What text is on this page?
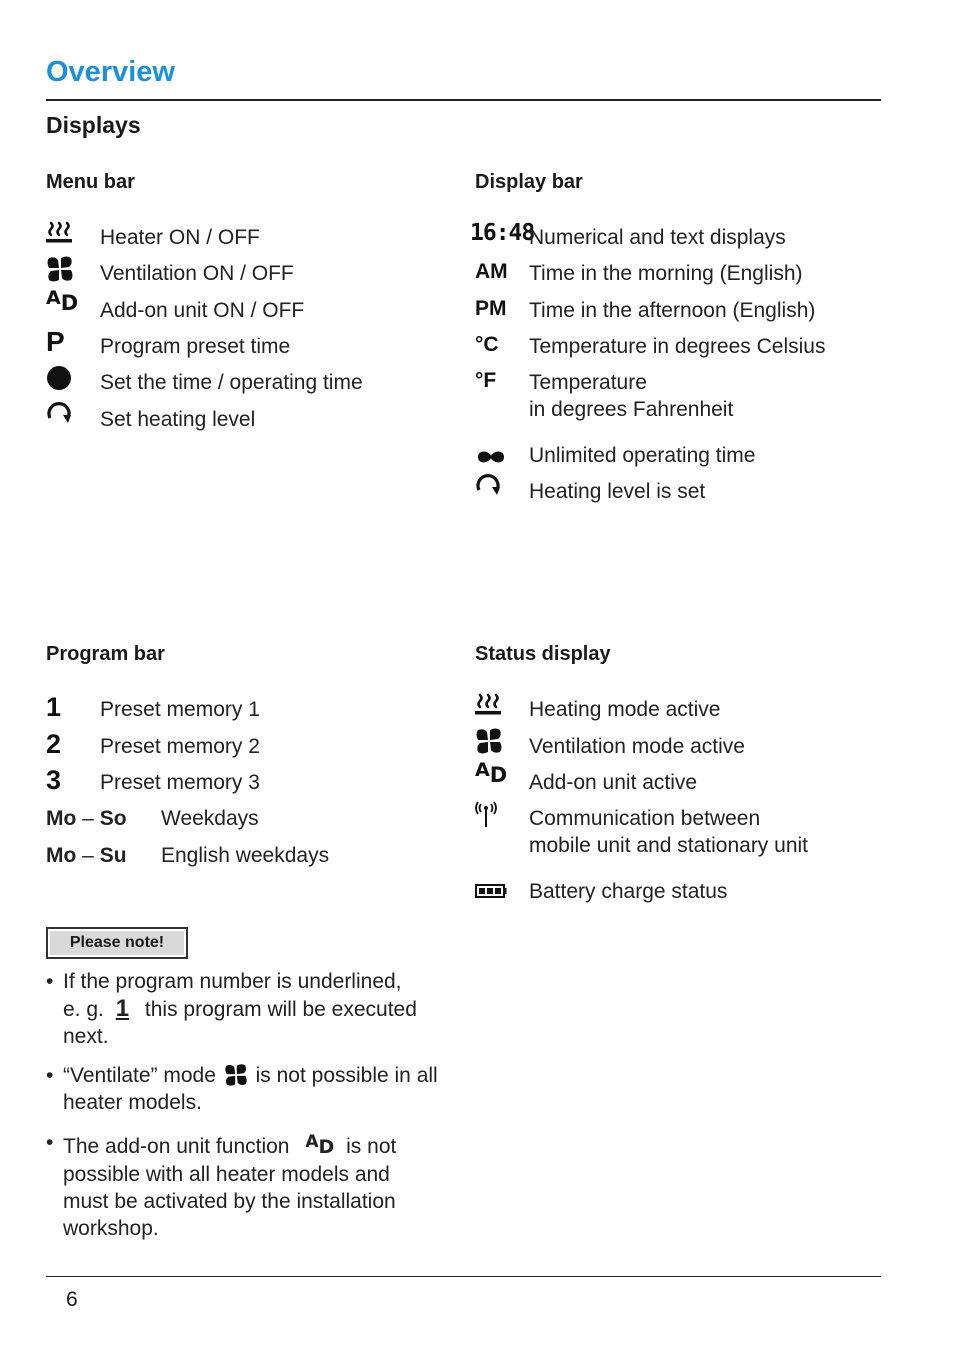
Overview
Displays
Menu bar
Heater ON / OFF
Ventilation ON / OFF
AD Add-on unit ON / OFF
P Program preset time
Set the time / operating time
Set heating level
Display bar
16:48
Numerical and text displays
AM Time in the morning (English)
PM Time in the afternoon (English)
°C Temperature in degrees Celsius
°F Temperature
in degrees Fahrenheit
Unlimited operating time
Heating level is set
Program bar
1 Preset memory 1
2 Preset memory 2
3 Preset memory 3
Mo – So Weekdays
Mo – Su English weekdays
Status display
Heating mode active
Ventilation mode active
AD Add-on unit active
Communication between
mobile unit and stationary unit
Battery charge status
Please note!
• If the program number is underlined,
e. g. 1 this program will be executed
next.
• “Ventilate” mode is not possible in all
heater models.
• The add-on unit function $^A$D is not
possible with all heater models and
must be activated by the installation
workshop.
6
